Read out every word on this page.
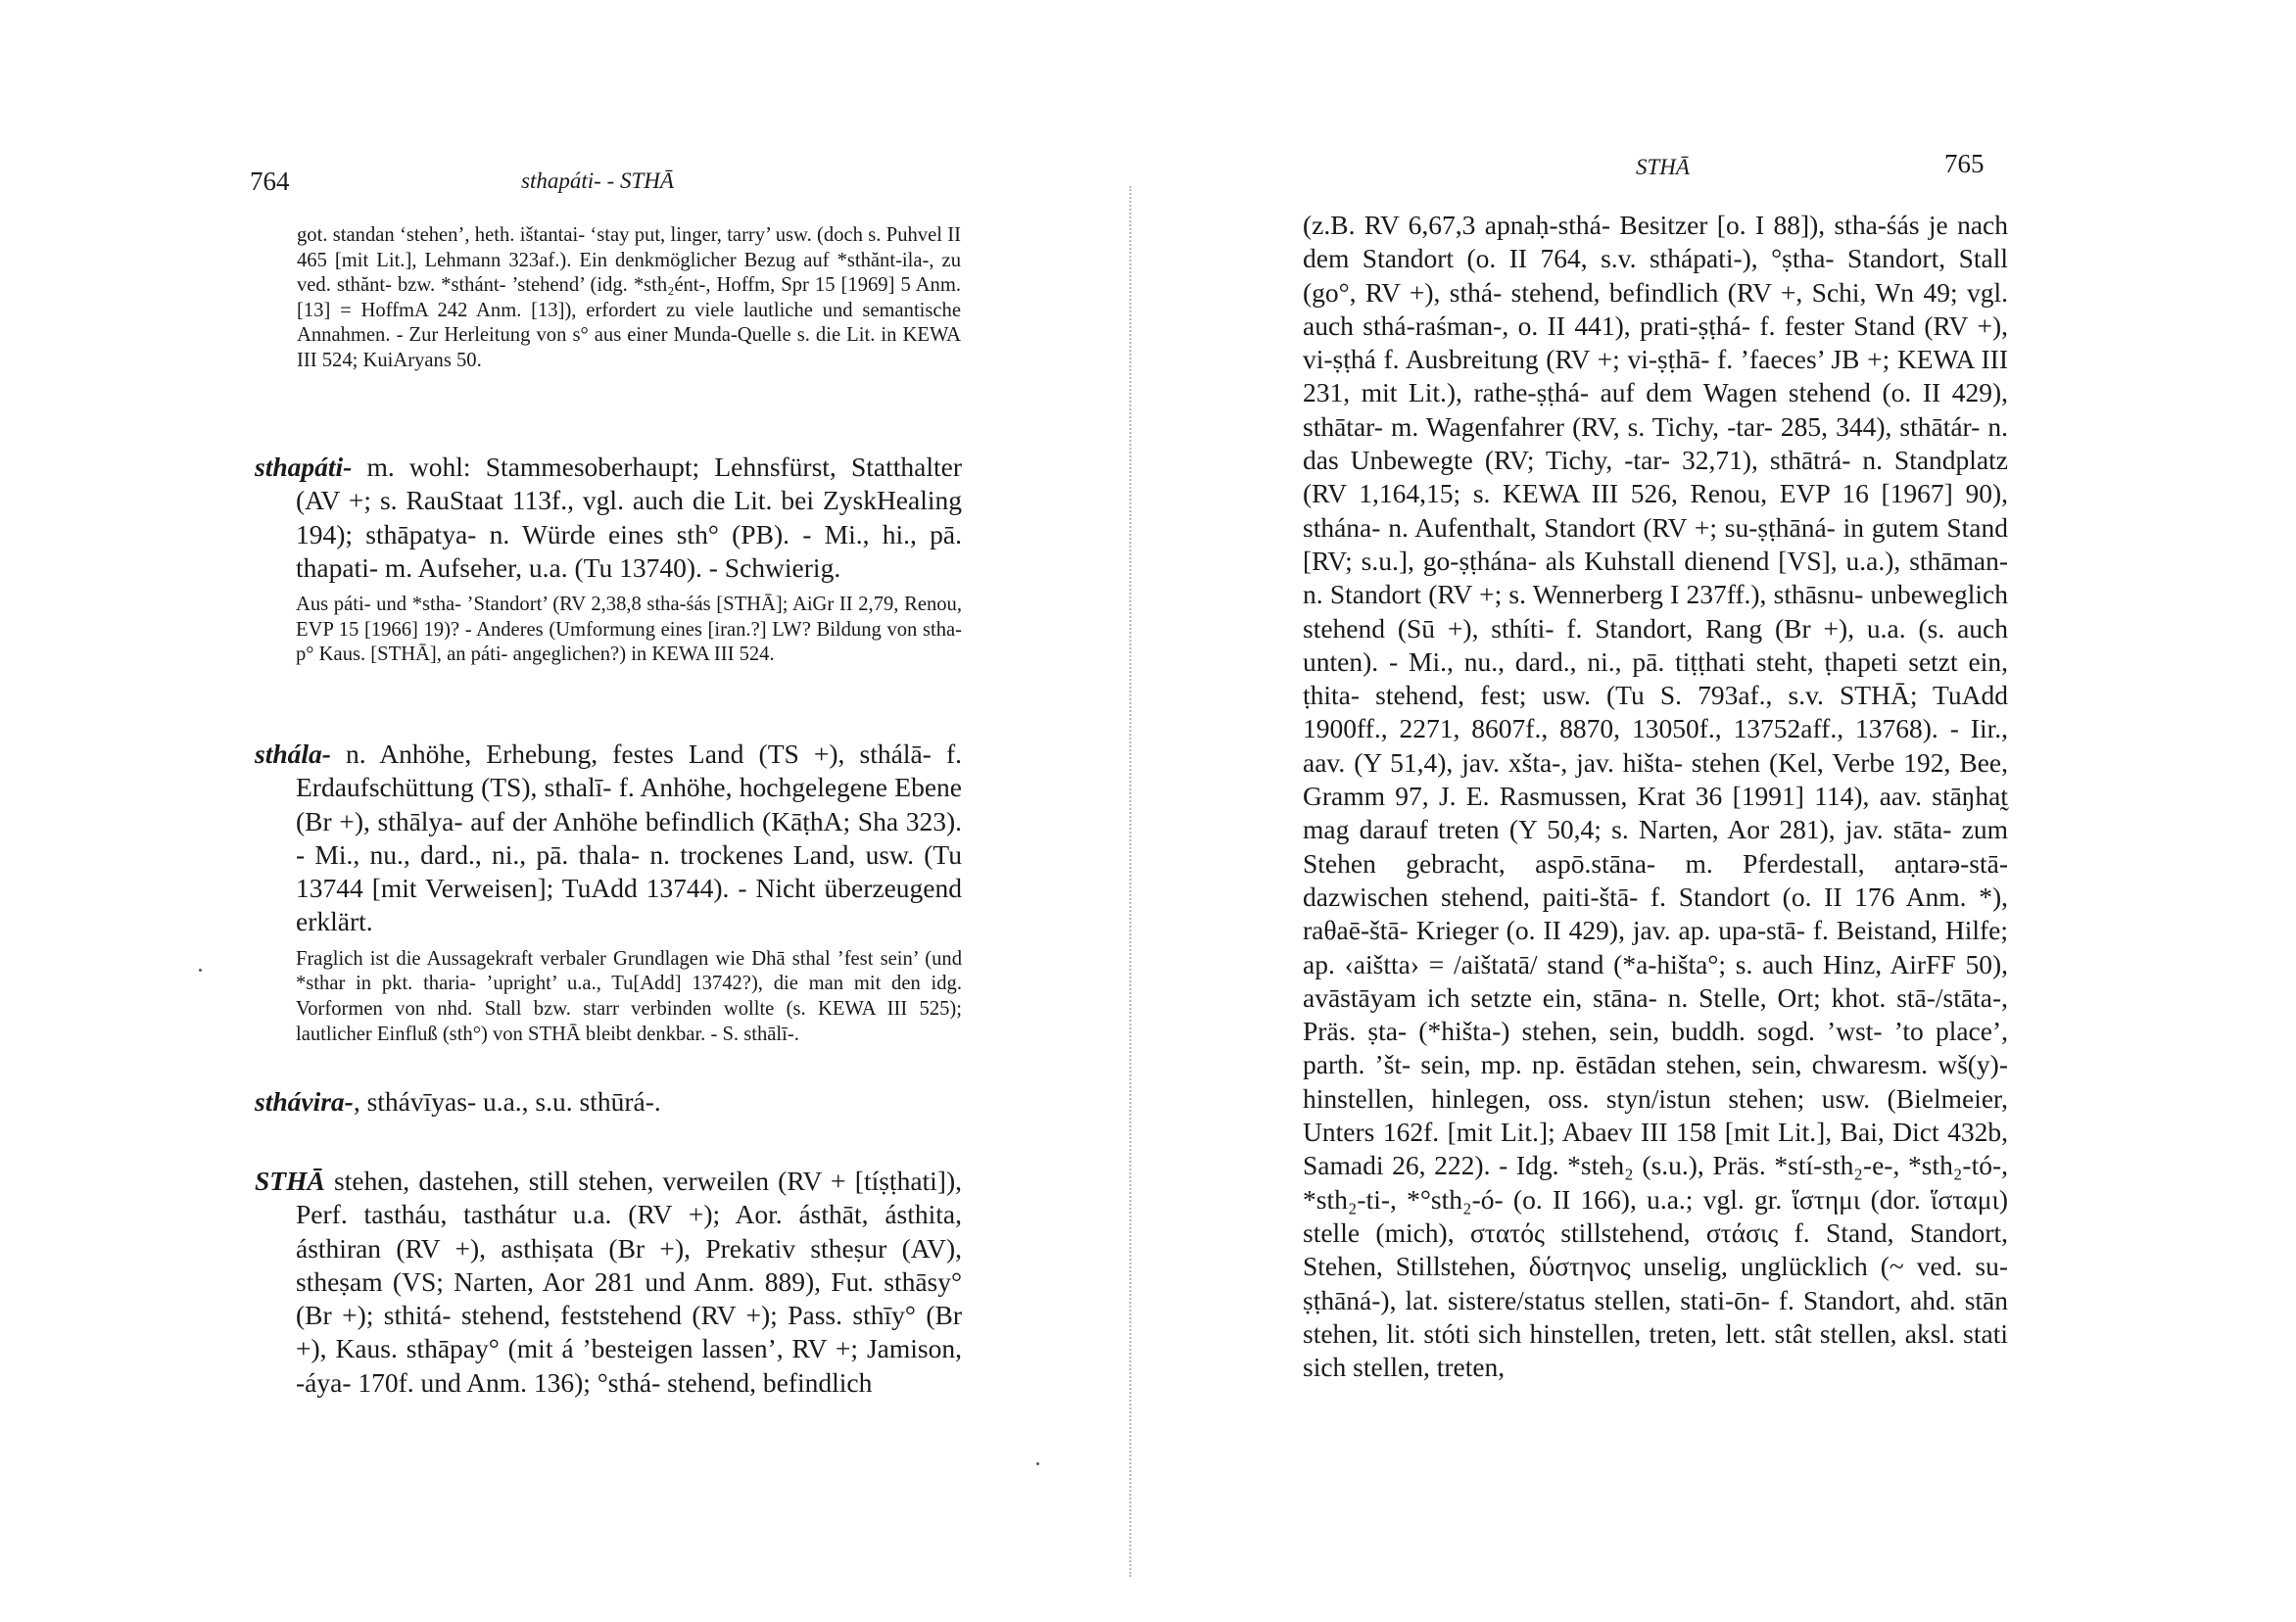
764	sthapáti- - STHĀ

got. standan ‘stehen’, heth. ištantai- ‘stay put, linger, tarry’ usw. (doch s. Puhvel II 465 [mit Lit.], Lehmann 323af.). Ein denkmöglicher Bezug auf *sthănt-ila-, zu ved. sthănt- bzw. *sthánt- ’stehend’ (idg. *sth₂ént-, Hoffm, Spr 15 [1969] 5 Anm. [13] = HoffmA 242 Anm. [13]), erfordert zu viele lautliche und semantische Annahmen. - Zur Herleitung von s° aus einer Munda-Quelle s. die Lit. in KEWA III 524; KuiAryans 50.

sthapáti- m. wohl: Stammesoberhaupt; Lehnsfürst, Statthalter (AV +; s. RauStaat 113f., vgl. auch die Lit. bei ZyskHealing 194); sthāpatya- n. Würde eines sth° (PB). - Mi., hi., pā. thapati- m. Aufseher, u.a. (Tu 13740). - Schwierig.

Aus páti- und *stha- ’Standort’ (RV 2,38,8 stha-śás [STHĀ]; AiGr II 2,79, Renou, EVP 15 [1966] 19)? - Anderes (Umformung eines [iran.?] LW? Bildung von stha-p° Kaus. [STHĀ], an páti- angeglichen?) in KEWA III 524.

sthála- n. Anhöhe, Erhebung, festes Land (TS +), sthálā- f. Erdaufschüttung (TS), sthalī- f. Anhöhe, hochgelegene Ebene (Br +), sthālya- auf der Anhöhe befindlich (KāṭhA; Sha 323). - Mi., nu., dard., ni., pā. thala- n. trockenes Land, usw. (Tu 13744 [mit Verweisen]; TuAdd 13744). - Nicht überzeugend erklärt.

Fraglich ist die Aussagekraft verbaler Grundlagen wie Dhā sthal ’fest sein’ (und *sthar in pkt. tharia- ’upright’ u.a., Tu[Add] 13742?), die man mit den idg. Vorformen von nhd. Stall bzw. starr verbinden wollte (s. KEWA III 525); lautlicher Einfluß (sth°) von STHĀ bleibt denkbar. - S. sthālī-.

sthávira-, sthávīyas- u.a., s.u. sthūrá-.

STHĀ stehen, dastehen, still stehen, verweilen (RV + [tíṣṭhati]), Perf. tastháu, tasthátur u.a. (RV +); Aor. ásthāt, ásthita, ásthiran (RV +), asthiṣata (Br +), Prekativ stheṣur (AV), stheṣam (VS; Narten, Aor 281 und Anm. 889), Fut. sthāsy° (Br +); sthitá- stehend, feststehend (RV +); Pass. sthīy° (Br +), Kaus. sthāpay° (mit á ’besteigen lassen’, RV +; Jamison, -áya- 170f. und Anm. 136); °sthá- stehend, befindlich

STHĀ	765

(z.B. RV 6,67,3 apnaḥ-sthá- Besitzer [o. I 88]), stha-śás je nach dem Standort (o. II 764, s.v. sthápati-), °ṣtha- Standort, Stall (go°, RV +), sthá- stehend, befindlich (RV +, Schi, Wn 49; vgl. auch sthá-raśman-, o. II 441), prati-ṣṭhá- f. fester Stand (RV +), vi-ṣṭhá f. Ausbreitung (RV +; vi-ṣṭhā- f. ’faeces’ JB +; KEWA III 231, mit Lit.), rathe-ṣṭhá- auf dem Wagen stehend (o. II 429), sthātar- m. Wagenfahrer (RV, s. Tichy, -tar- 285, 344), sthātár- n. das Unbewegte (RV; Tichy, -tar- 32,71), sthātrá- n. Standplatz (RV 1,164,15; s. KEWA III 526, Renou, EVP 16 [1967] 90), sthána- n. Aufenthalt, Standort (RV +; su-ṣṭhāná- in gutem Stand [RV; s.u.], go-ṣṭhána- als Kuhstall dienend [VS], u.a.), sthāman- n. Standort (RV +; s. Wennerberg I 237ff.), sthāsnu- unbeweglich stehend (Sū +), sthíti- f. Standort, Rang (Br +), u.a. (s. auch unten). - Mi., nu., dard., ni., pā. tiṭṭhati steht, ṭhapeti setzt ein, ṭhita- stehend, fest; usw. (Tu S. 793af., s.v. STHĀ; TuAdd 1900ff., 2271, 8607f., 8870, 13050f., 13752aff., 13768). - Iir., aav. (Y 51,4), jav. xšta-, jav. hišta- stehen (Kel, Verbe 192, Bee, Gramm 97, J. E. Rasmussen, Krat 36 [1991] 114), aav. stāŋhat̰ mag darauf treten (Y 50,4; s. Narten, Aor 281), jav. stāta- zum Stehen gebracht, aspō.stāna- m. Pferdestall, aṇtarə-stā- dazwischen stehend, paiti-štā- f. Standort (o. II 176 Anm. *), raθaē-štā- Krieger (o. II 429), jav. ap. upa-stā- f. Beistand, Hilfe; ap. ‹aištta› = /aištatā/ stand (*a-hišta°; s. auch Hinz, AirFF 50), avāstāyam ich setzte ein, stāna- n. Stelle, Ort; khot. stā-/stāta-, Präs. ṣta- (*hišta-) stehen, sein, buddh. sogd. ’wst- ’to place’, parth. ’št- sein, mp. np. ēstādan stehen, sein, chwaresm. wš(y)- hinstellen, hinlegen, oss. styn/istun stehen; usw. (Bielmeier, Unters 162f. [mit Lit.]; Abaev III 158 [mit Lit.], Bai, Dict 432b, Samadi 26, 222). - Idg. *steh₂ (s.u.), Präs. *stí-sth₂-e-, *sth₂-tó-, *sth₂-ti-, *°sth₂-ó- (o. II 166), u.a.; vgl. gr. ἵστημι (dor. ἵσταμι) stelle (mich), στατός stillstehend, στάσις f. Stand, Standort, Stehen, Stillstehen, δύστηνος unselig, unglücklich (~ ved. su-ṣṭhāná-), lat. sistere/status stellen, stati-ōn- f. Standort, ahd. stān stehen, lit. stóti sich hinstellen, treten, lett. stât stellen, aksl. stati sich stellen, treten,
